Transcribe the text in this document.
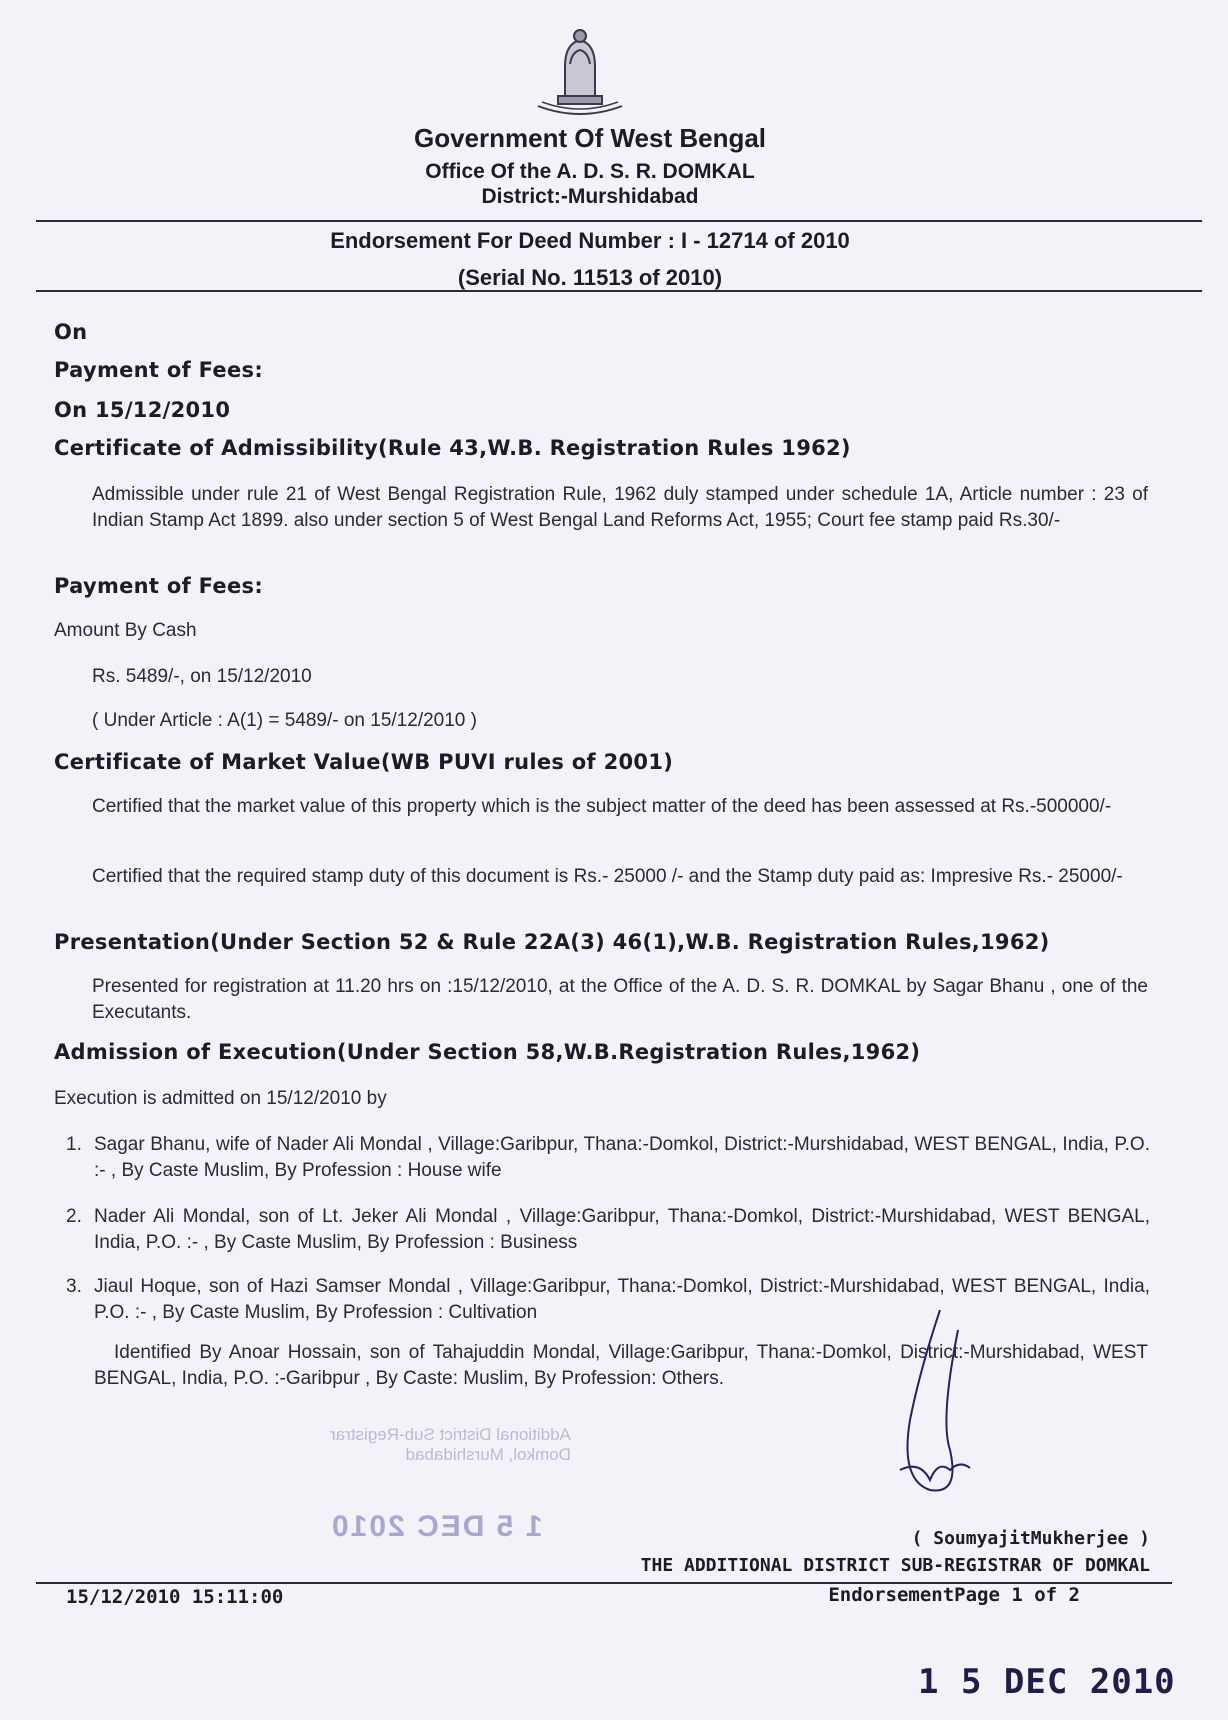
Government Of West Bengal
Office Of the A. D. S. R. DOMKAL
District:-Murshidabad
Endorsement For Deed Number : I - 12714 of 2010
(Serial No. 11513 of 2010)
On
Payment of Fees:
On 15/12/2010
Certificate of Admissibility(Rule 43,W.B. Registration Rules 1962)
Admissible under rule 21 of West Bengal Registration Rule, 1962 duly stamped under schedule 1A, Article number : 23 of Indian Stamp Act 1899. also under section 5 of West Bengal Land Reforms Act, 1955; Court fee stamp paid Rs.30/-
Payment of Fees:
Amount By Cash
Rs. 5489/-, on 15/12/2010
( Under Article : A(1) = 5489/- on 15/12/2010 )
Certificate of Market Value(WB PUVI rules of 2001)
Certified that the market value of this property which is the subject matter of the deed has been assessed at Rs.-500000/-
Certified that the required stamp duty of this document is Rs.- 25000 /- and the Stamp duty paid as: Impresive Rs.- 25000/-
Presentation(Under Section 52 & Rule 22A(3) 46(1),W.B. Registration Rules,1962)
Presented for registration at 11.20 hrs on :15/12/2010, at the Office of the A. D. S. R. DOMKAL by Sagar Bhanu , one of the Executants.
Admission of Execution(Under Section 58,W.B.Registration Rules,1962)
Execution is admitted on 15/12/2010 by
1. Sagar Bhanu, wife of Nader Ali Mondal , Village:Garibpur, Thana:-Domkol, District:-Murshidabad, WEST BENGAL, India, P.O. :- , By Caste Muslim, By Profession : House wife
2. Nader Ali Mondal, son of Lt. Jeker Ali Mondal , Village:Garibpur, Thana:-Domkol, District:-Murshidabad, WEST BENGAL, India, P.O. :- , By Caste Muslim, By Profession : Business
3. Jiaul Hoque, son of Hazi Samser Mondal , Village:Garibpur, Thana:-Domkol, District:-Murshidabad, WEST BENGAL, India, P.O. :- , By Caste Muslim, By Profession : Cultivation
Identified By Anoar Hossain, son of Tahajuddin Mondal, Village:Garibpur, Thana:-Domkol, District:-Murshidabad, WEST BENGAL, India, P.O. :-Garibpur , By Caste: Muslim, By Profession: Others.
Additional District Sub-Registrar
Domkol, Murshidabad
1 5 DEC 2010	( SoumyajitMukherjee )
THE ADDITIONAL DISTRICT SUB-REGISTRAR OF DOMKAL
15/12/2010 15:11:00	EndorsementPage 1 of 2
1 5 DEC 2010
